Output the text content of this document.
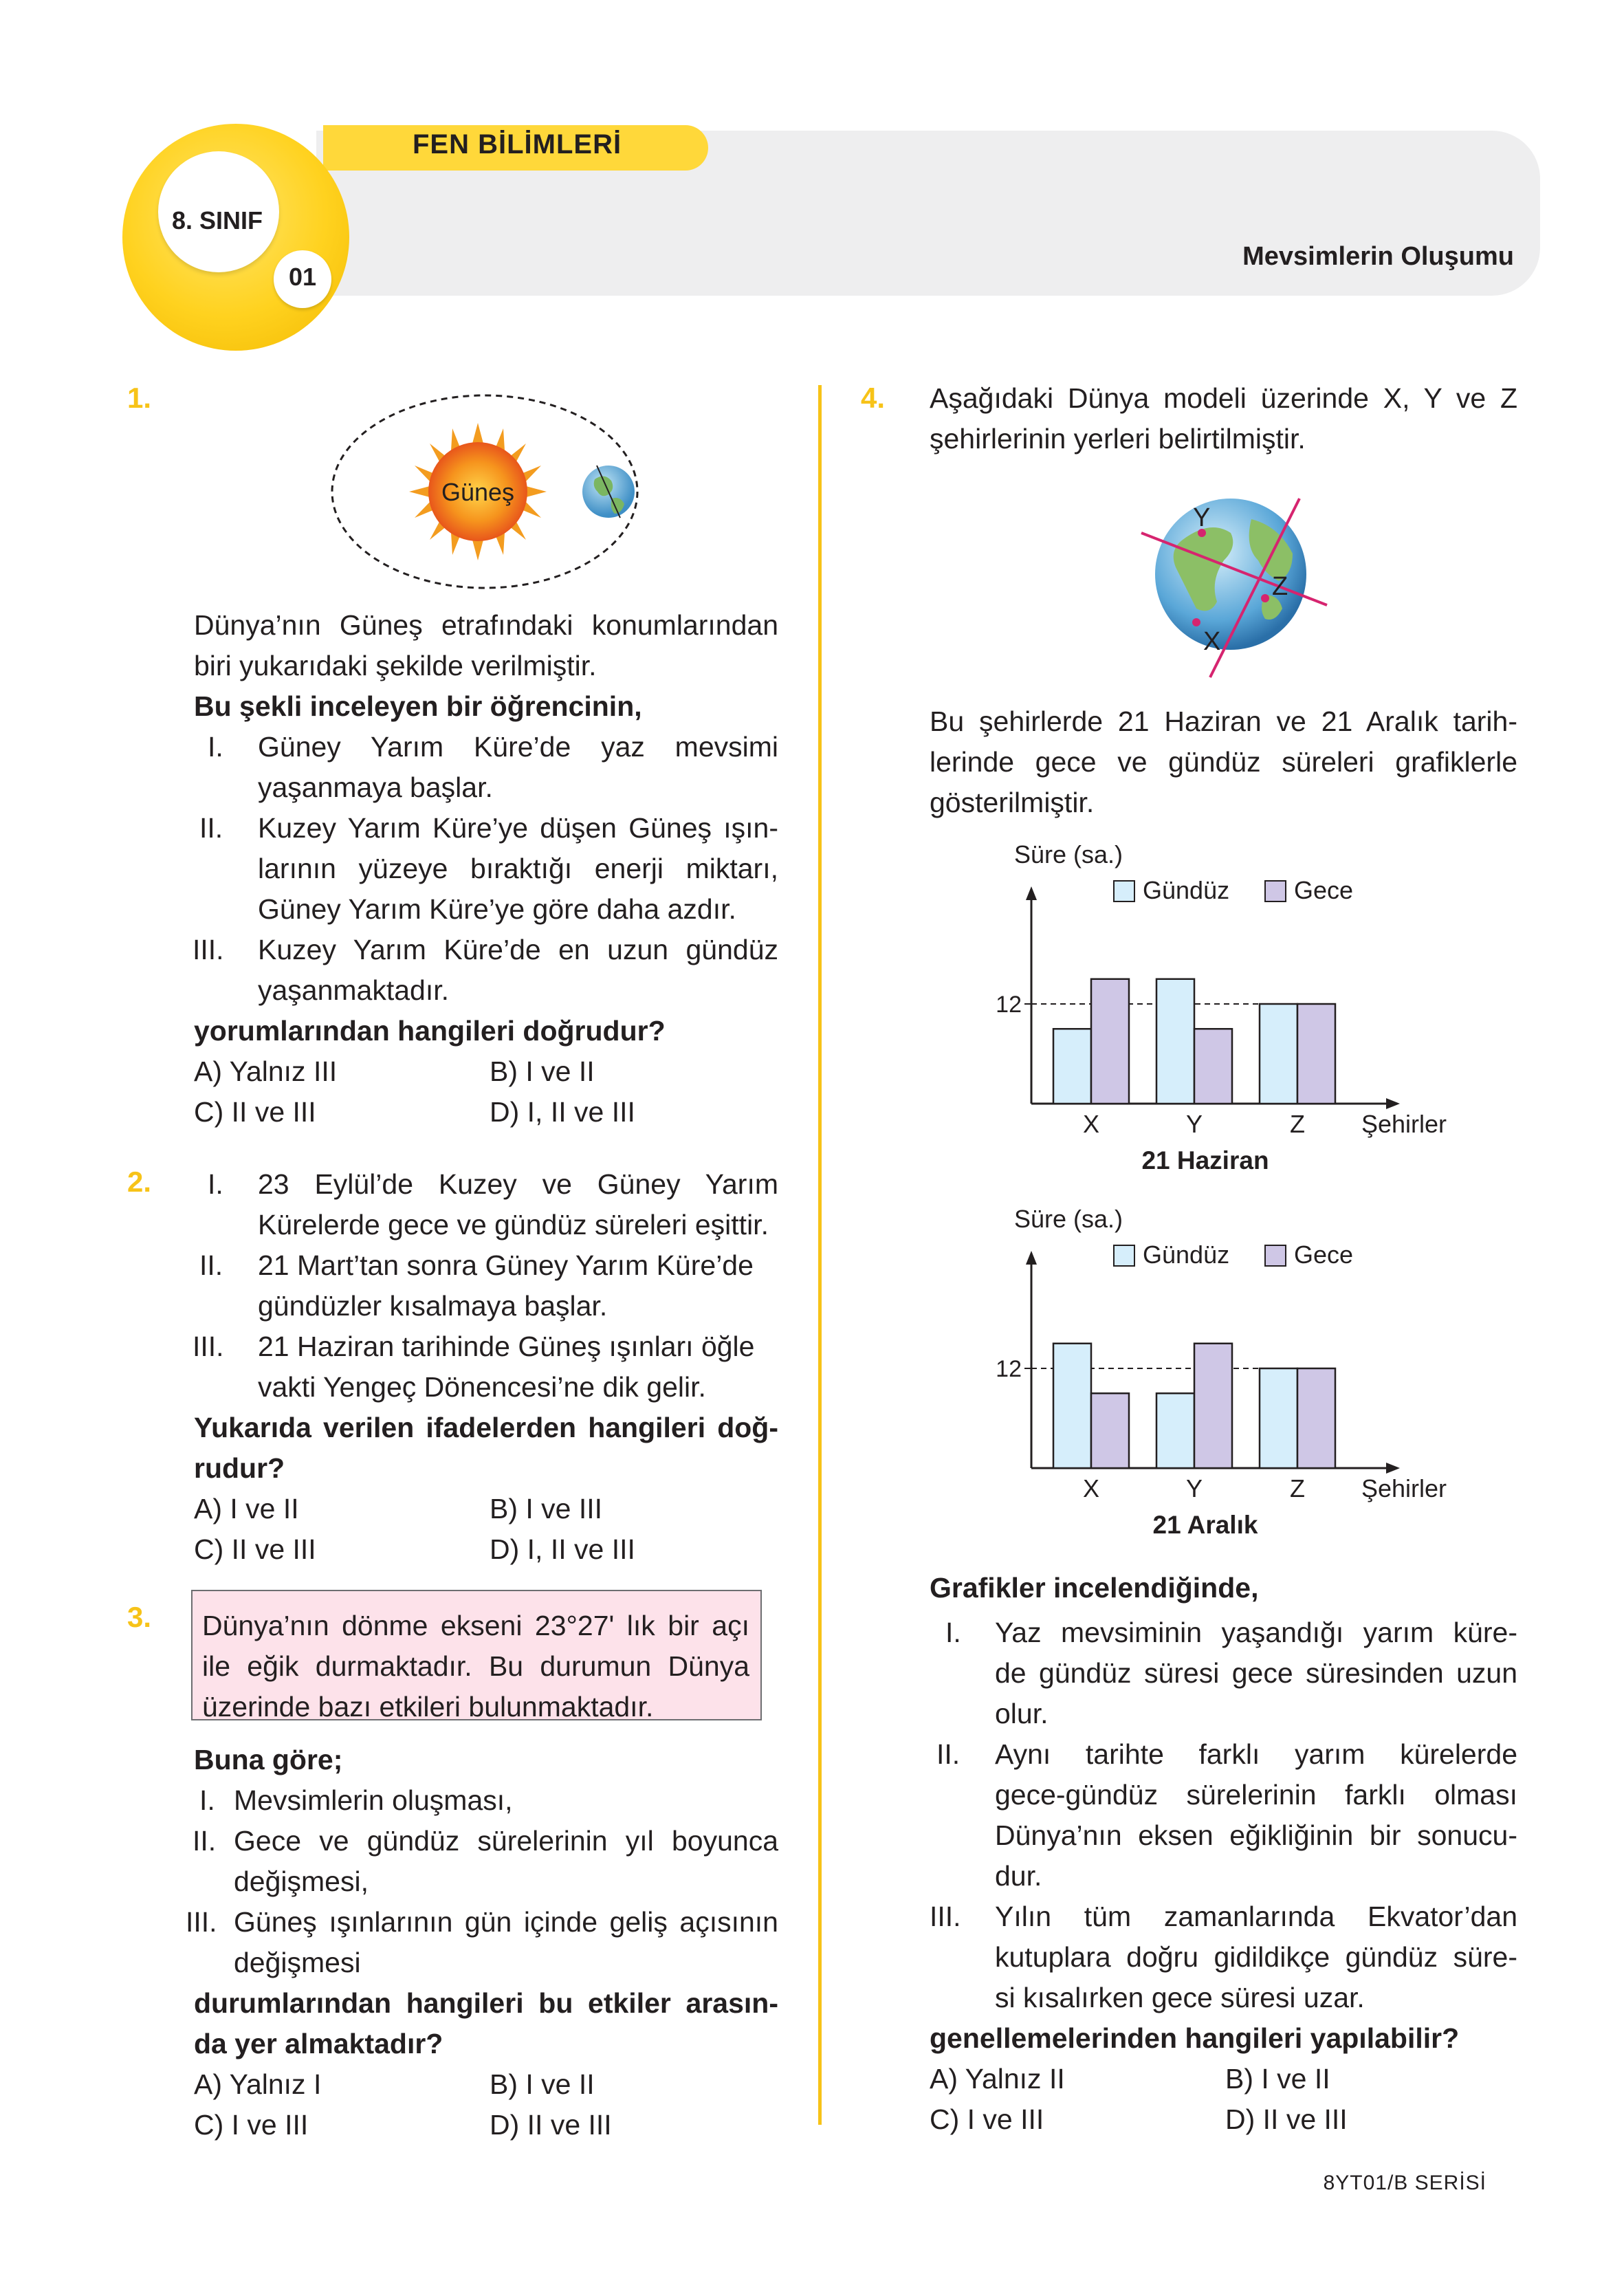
FEN BİLİMLERİ
8. SINIF
01
Mevsimlerin Oluşumu
1.
Güneş
Dünya’nın Güneş etrafındaki konumlarından
biri yukarıdaki şekilde verilmiştir.
Bu şekli inceleyen bir öğrencinin,
I. Güney Yarım Küre’de yaz mevsimi
yaşanmaya başlar.
II. Kuzey Yarım Küre’ye düşen Güneş ışın-
larının yüzeye bıraktığı enerji miktarı,
Güney Yarım Küre’ye göre daha azdır.
III. Kuzey Yarım Küre’de en uzun gündüz
yaşanmaktadır.
yorumlarından hangileri doğrudur?
A) Yalnız III	B) I ve II
C) II ve III	D) I, II ve III
2. I. 23 Eylül’de Kuzey ve Güney Yarım
Kürelerde gece ve gündüz süreleri eşittir.
II. 21 Mart’tan sonra Güney Yarım Küre’de
gündüzler kısalmaya başlar.
III. 21 Haziran tarihinde Güneş ışınları öğle
vakti Yengeç Dönencesi’ne dik gelir.
Yukarıda verilen ifadelerden hangileri doğ-
rudur?
A) I ve II	B) I ve III
C) II ve III	D) I, II ve III
3. Dünya’nın dönme ekseni 23°27' lık bir açı
ile eğik durmaktadır. Bu durumun Dünya
üzerinde bazı etkileri bulunmaktadır.
Buna göre;
I. Mevsimlerin oluşması,
II. Gece ve gündüz sürelerinin yıl boyunca
değişmesi,
III. Güneş ışınlarının gün içinde geliş açısının
değişmesi
durumlarından hangileri bu etkiler arasın-
da yer almaktadır?
A) Yalnız I	B) I ve II
C) I ve III	D) II ve III
4. Aşağıdaki Dünya modeli üzerinde X, Y ve Z
şehirlerinin yerleri belirtilmiştir.
Y
X
Z
Bu şehirlerde 21 Haziran ve 21 Aralık tarih-
lerinde gece ve gündüz süreleri grafiklerle
gösterilmiştir.
Süre (sa.)
Gündüz	Gece
12
X	Y	Z Şehirler
21 Haziran
Süre (sa.)
Gündüz	Gece
12
X	Y	Z Şehirler
21 Aralık
Grafikler incelendiğinde,
I. Yaz mevsiminin yaşandığı yarım küre-
de gündüz süresi gece süresinden uzun
olur.
II. Aynı tarihte farklı yarım kürelerde
gece-gündüz sürelerinin farklı olması
Dünya’nın eksen eğikliğinin bir sonucu-
dur.
III. Yılın tüm zamanlarında Ekvator’dan
kutuplara doğru gidildikçe gündüz süre-
si kısalırken gece süresi uzar.
genellemelerinden hangileri yapılabilir?
A) Yalnız II	B) I ve II
C) I ve III	D) II ve III
8YT01/B SERİSİ
